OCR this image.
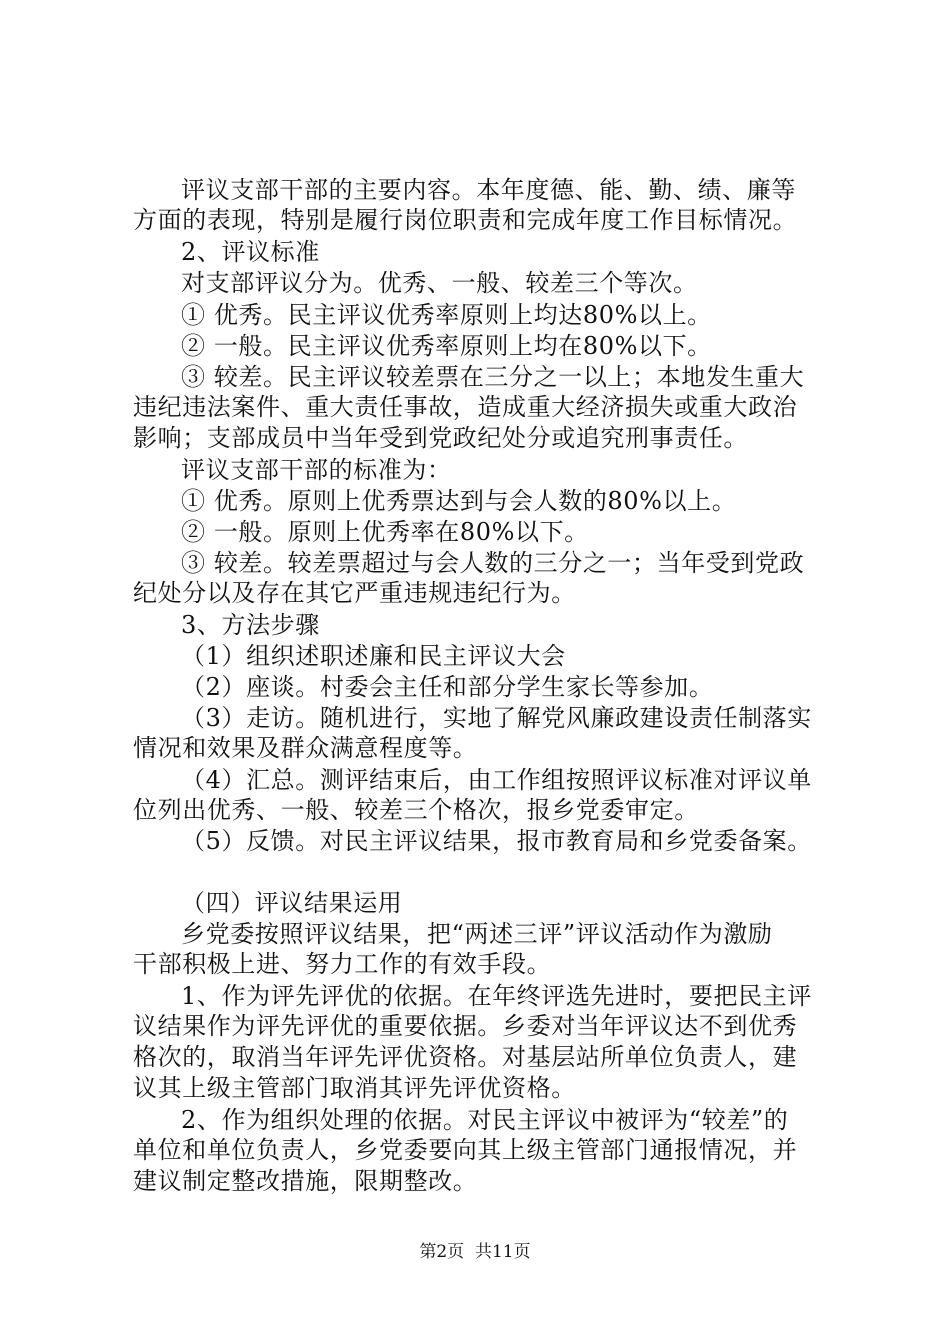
评议支部干部的主要内容。本年度德、能、勤、绩、廉等
方面的表现，特别是履行岗位职责和完成年度工作目标情况。
2、评议标准
对支部评议分为。优秀、一般、较差三个等次。
① 优秀。民主评议优秀率原则上均达80%以上。
② 一般。民主评议优秀率原则上均在80%以下。
③ 较差。民主评议较差票在三分之一以上；本地发生重大
违纪违法案件、重大责任事故，造成重大经济损失或重大政治
影响；支部成员中当年受到党政纪处分或追究刑事责任。
评议支部干部的标准为：
① 优秀。原则上优秀票达到与会人数的80%以上。
② 一般。原则上优秀率在80%以下。
③ 较差。较差票超过与会人数的三分之一；当年受到党政
纪处分以及存在其它严重违规违纪行为。
3、方法步骤
（1）组织述职述廉和民主评议大会
（2）座谈。村委会主任和部分学生家长等参加。
（3）走访。随机进行，实地了解党风廉政建设责任制落实
情况和效果及群众满意程度等。
（4）汇总。测评结束后，由工作组按照评议标准对评议单
位列出优秀、一般、较差三个格次，报乡党委审定。
（5）反馈。对民主评议结果，报市教育局和乡党委备案。
（四）评议结果运用
乡党委按照评议结果，把“两述三评”评议活动作为激励
干部积极上进、努力工作的有效手段。
1、作为评先评优的依据。在年终评选先进时，要把民主评
议结果作为评先评优的重要依据。乡委对当年评议达不到优秀
格次的，取消当年评先评优资格。对基层站所单位负责人，建
议其上级主管部门取消其评先评优资格。
2、作为组织处理的依据。对民主评议中被评为“较差”的
单位和单位负责人，乡党委要向其上级主管部门通报情况，并
建议制定整改措施，限期整改。
第2页  共11页
